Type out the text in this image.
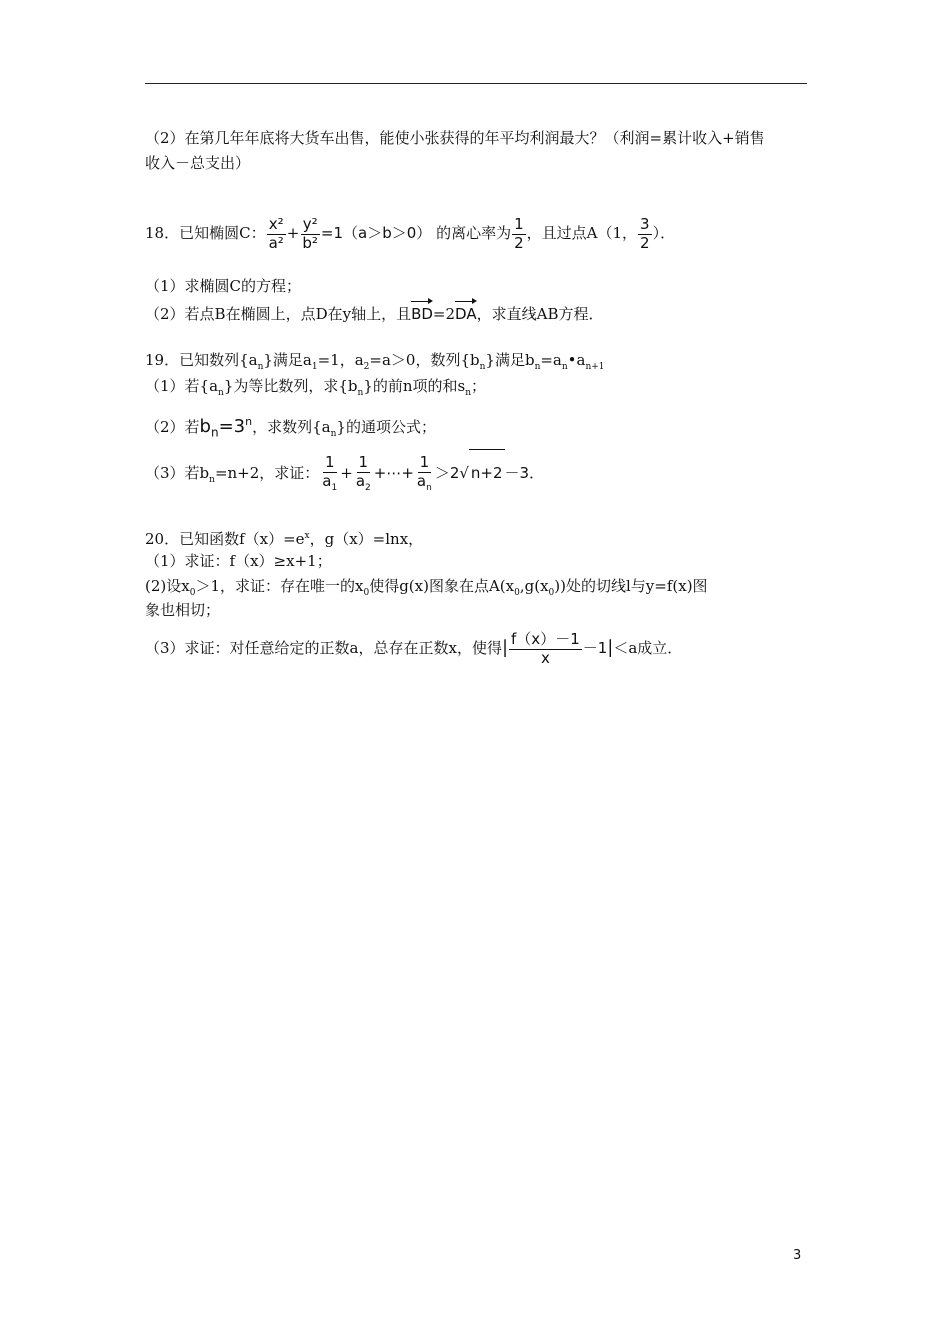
（2）在第几年年底将大货车出售，能使小张获得的年平均利润最大？（利润=累计收入+销售
收入－总支出）
18．已知椭圆C： $\frac{\text{x²}}{\text{a²}} + \frac{\text{y²}}{\text{b²}} =1(a>b>0)$ 的离心率为 $\frac{1}{2}$ ，且过点A（1， $\frac{3}{2}$ ）．
（1）求椭圆C的方程；
（2）若点B在椭圆上，点D在y轴上，且BD=2DA，求直线AB方程．
19．已知数列$\{a_n\}$满足$a_1=1$，$a_2=a>0$，数列$\{b_n\}$满足$b_n=a_n•a_{n+1}$
（1）若$\{a_n\}$为等比数列，求$\{b_n\}$的前n项的和$s_n$；
（2）若$b_n=3^n$，求数列$\{a_n\}$的通项公式；
（3）若$b_n=n+2$，求证： $\frac{1}{a_1} + \frac{1}{a_2}$ +⋯+ $\frac{1}{a_n} >2√$ n+2 －3．
20．已知函数$f(x)=e^x$，g（x）=lnx，
（1）求证：f（x）≥x+1；
(2)设$x_0>1$，求证：存在唯一的$x_0$使得g(x)图象在点$A(x_0,g(x_0))$处的切线l与y=f(x)图
象也相切；
（3）求证：对任意给定的正数a，总存在正数x，使得| $\frac{f(x)-1}{x} -1|<a$成立．
3
